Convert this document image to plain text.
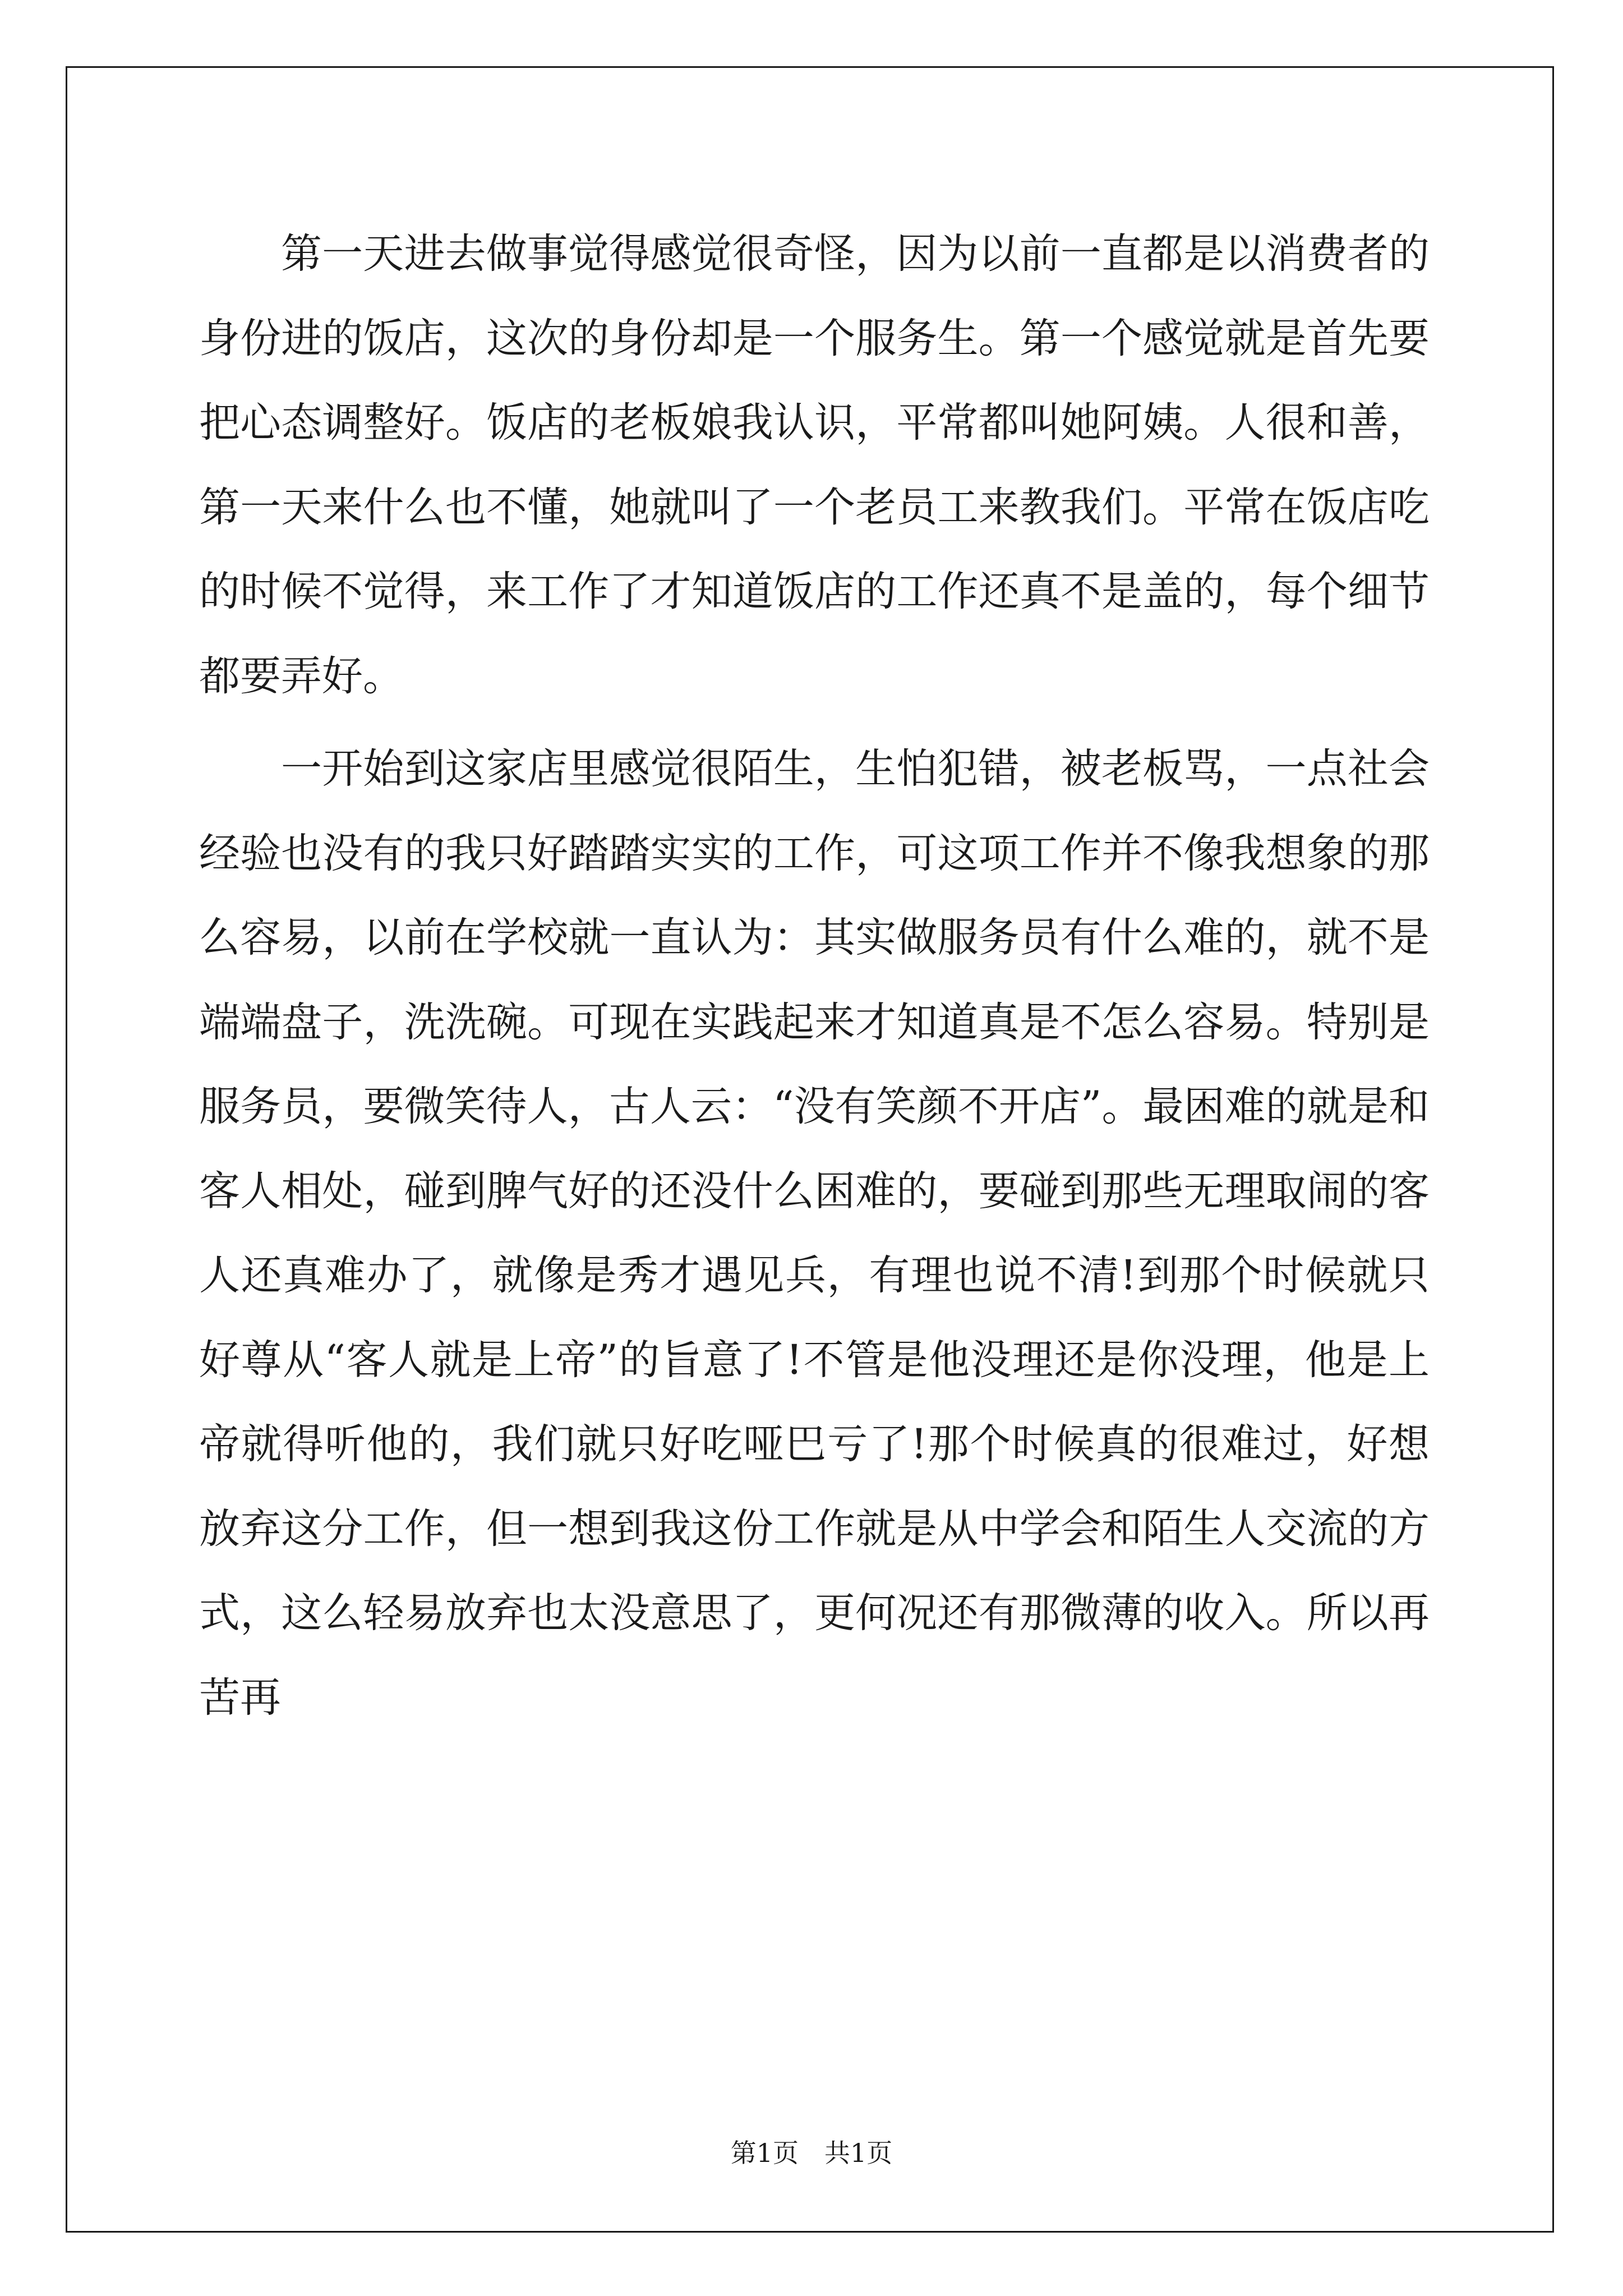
第一天进去做事觉得感觉很奇怪，因为以前一直都是以消费者的身份进的饭店，这次的身份却是一个服务生。第一个感觉就是首先要把心态调整好。饭店的老板娘我认识，平常都叫她阿姨。人很和善，第一天来什么也不懂，她就叫了一个老员工来教我们。平常在饭店吃的时候不觉得，来工作了才知道饭店的工作还真不是盖的，每个细节都要弄好。

一开始到这家店里感觉很陌生，生怕犯错，被老板骂，一点社会经验也没有的我只好踏踏实实的工作，可这项工作并不像我想象的那么容易，以前在学校就一直认为：其实做服务员有什么难的，就不是端端盘子，洗洗碗。可现在实践起来才知道真是不怎么容易。特别是服务员，要微笑待人，古人云：“没有笑颜不开店”。最困难的就是和客人相处，碰到脾气好的还没什么困难的，要碰到那些无理取闹的客人还真难办了，就像是秀才遇见兵，有理也说不清!到那个时候就只好尊从“客人就是上帝”的旨意了!不管是他没理还是你没理，他是上帝就得听他的，我们就只好吃哑巴亏了!那个时候真的很难过，好想放弃这分工作，但一想到我这份工作就是从中学会和陌生人交流的方式，这么轻易放弃也太没意思了，更何况还有那微薄的收入。所以再苦再

第1页 共1页
